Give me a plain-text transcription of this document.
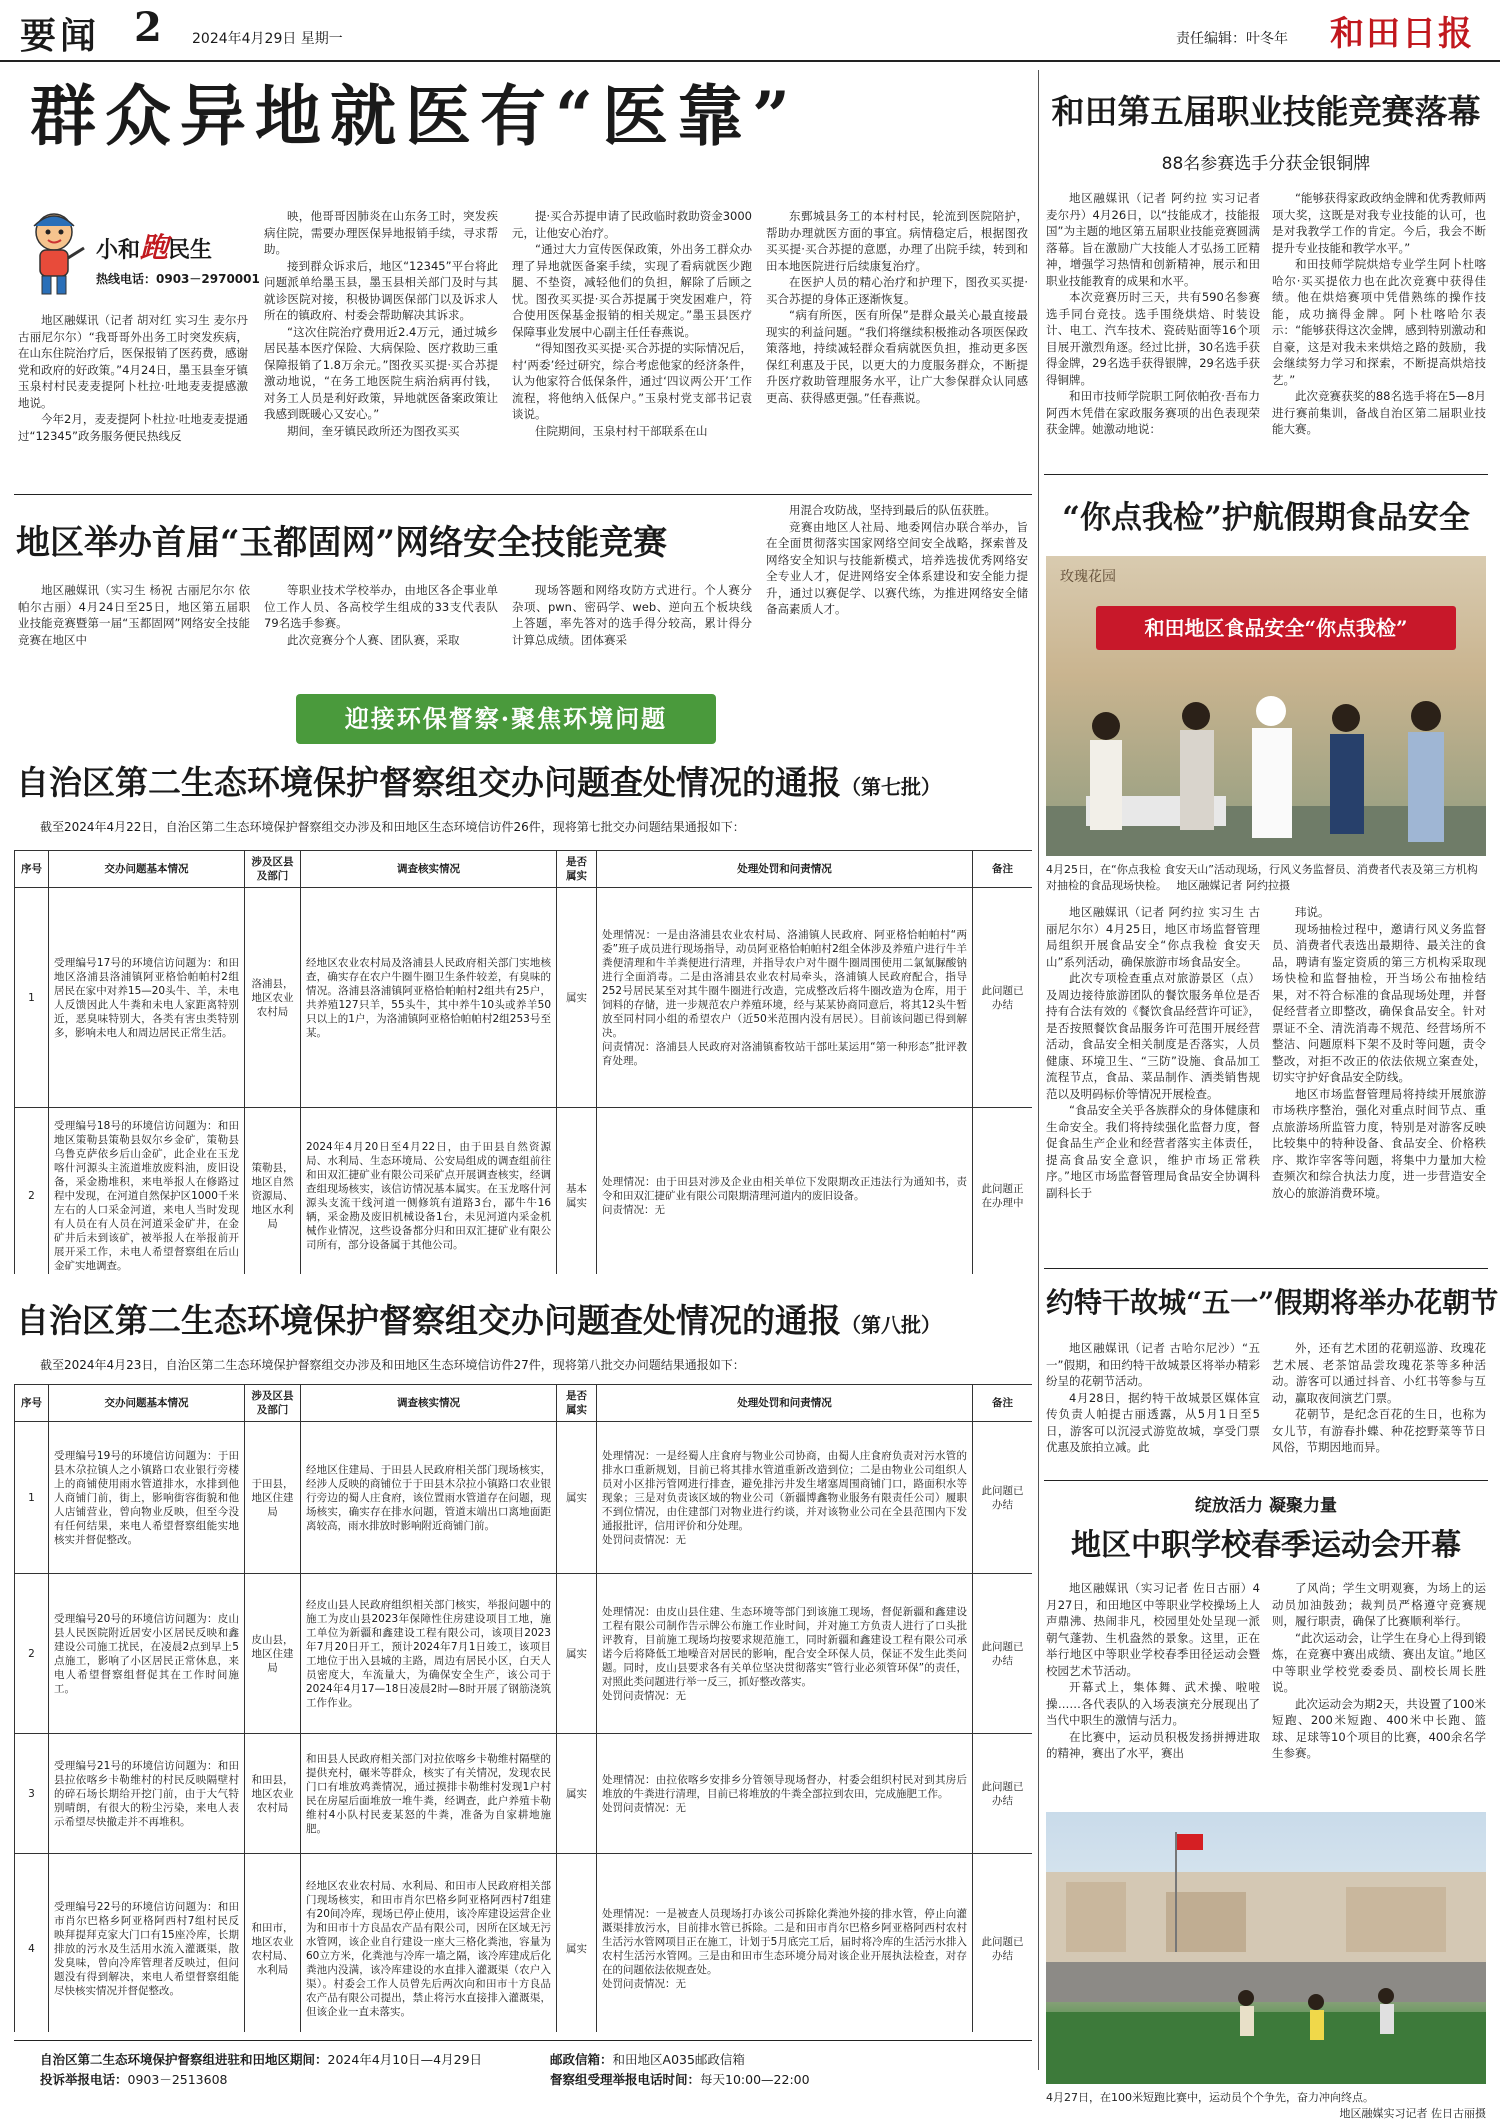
要闻 2 2024年4月29日 星期一	责任编辑：叶冬年 和田日报
群众异地就医有“医靠”
小和跑民生
热线电话：0903－2970001

地区融媒讯（记者 胡对红 实习生 麦尔丹 古丽尼尔尔）“我哥哥外出务工时突发疾病，在山东住院治疗后，医保报销了医药费，感谢党和政府的好政策。”4月24日，墨玉县奎牙镇玉泉村村民麦麦提阿卜杜拉·吐地麦麦提感激地说。

今年2月，麦麦提阿卜杜拉·吐地麦麦提通过“12345”政务服务便民热线反

映，他哥哥因肺炎在山东务工时，突发疾病住院，需要办理医保异地报销手续，寻求帮助。

接到群众诉求后，地区“12345”平台将此问题派单给墨玉县，墨玉县相关部门及时与其就诊医院对接，积极协调医保部门以及诉求人所在的镇政府、村委会帮助解决其诉求。

“这次住院治疗费用近2.4万元，通过城乡居民基本医疗保险、大病保险、医疗救助三重保障报销了1.8万余元。”图孜买买提·买合苏提激动地说，“在务工地医院生病治病再付钱，对务工人员是利好政策，异地就医备案政策让我感到既暖心又安心。”

期间，奎牙镇民政所还为图孜买买

提·买合苏提申请了民政临时救助资金3000元，让他安心治疗。

“通过大力宣传医保政策，外出务工群众办理了异地就医备案手续，实现了看病就医少跑腿、不垫资，减轻他们的负担，解除了后顾之忧。图孜买买提·买合苏提属于突发困难户，符合使用医保基金报销的相关规定。”墨玉县医疗保障事业发展中心副主任任春燕说。

“得知图孜买买提·买合苏提的实际情况后，村‘两委’经过研究，综合考虑他家的经济条件，认为他家符合低保条件，通过‘四议两公开’工作流程，将他纳入低保户。”玉泉村党支部书记袁谈说。

住院期间，玉泉村村干部联系在山

东鄄城县务工的本村村民，轮流到医院陪护，帮助办理就医方面的事宜。病情稳定后，根据图孜买买提·买合苏提的意愿，办理了出院手续，转到和田本地医院进行后续康复治疗。

在医护人员的精心治疗和护理下，图孜买买提·买合苏提的身体正逐渐恢复。

“病有所医，医有所保”是群众最关心最直接最现实的利益问题。“我们将继续积极推动各项医保政策落地，持续减轻群众看病就医负担，推动更多医保红利惠及于民，以更大的力度服务群众，不断提升医疗救助管理服务水平，让广大参保群众认同感更高、获得感更强。”任春燕说。

地区举办首届“玉都固网”网络安全技能竞赛

地区融媒讯（实习生 杨祝 古丽尼尔尔 依帕尔古丽）4月24日至25日，地区第五届职业技能竞赛暨第一届“玉都固网”网络安全技能竞赛在地区中

等职业技术学校举办，由地区各企事业单位工作人员、各高校学生组成的33支代表队79名选手参赛。

此次竞赛分个人赛、团队赛，采取

现场答题和网络攻防方式进行。个人赛分杂项、pwn、密码学、web、逆向五个板块线上答题，率先答对的选手得分较高，累计得分计算总成绩。团体赛采

用混合攻防战，坚持到最后的队伍获胜。

竞赛由地区人社局、地委网信办联合举办，旨在全面贯彻落实国家网络空间安全战略，探索普及网络安全知识与技能新模式，培养选拔优秀网络安全专业人才，促进网络安全体系建设和安全能力提升，通过以赛促学、以赛代练，为推进网络安全储备高素质人才。

迎接环保督察·聚焦环境问题
自治区第二生态环境保护督察组交办问题查处情况的通报（第七批）
截至2024年4月22日，自治区第二生态环境保护督察组交办涉及和田地区生态环境信访件26件，现将第七批交办问题结果通报如下：
序号	交办问题基本情况	涉及区县及部门	调查核实情况	是否属实	处理处罚和问责情况	备注
1	受理编号17号的环境信访问题为：和田地区洛浦县洛浦镇阿亚格恰帕帕村2组居民在家中对养15—20头牛、羊，未电人反馈因此人牛粪和未电人家距离特别近，恶臭味特别大，各类有害虫类特别多，影响未电人和周边居民正常生活。	洛浦县，地区农业农村局	经地区农业农村局及洛浦县人民政府相关部门实地核查，确实存在农户牛圈牛圈卫生条件较差，有臭味的情况。洛浦县洛浦镇阿亚格恰帕帕村2组共有25户，共养殖127只羊，55头牛，其中养牛10头或养羊50只以上的1户，为洛浦镇阿亚格恰帕帕村2组253号至某。	属实	处理情况：一是由洛浦县农业农村局、洛浦镇人民政府、阿亚格恰帕帕村“两委”班子成员进行现场指导，动员阿亚格恰帕帕村2组全体涉及养殖户进行牛羊粪便清理和牛羊粪便进行清理，并指导农户对牛圈牛圈周围使用二氯氰脲酸钠进行全面消毒。二是由洛浦县农业农村局牵头，洛浦镇人民政府配合，指导252号居民某至对其牛圈牛圈进行改造，完成整改后将牛圈改造为仓库，用于饲料的存储，进一步规范农户养殖环境，经与某某协商同意后，将其12头牛暂放至同村同小组的希望农户（近50米范围内没有居民）。目前该问题已得到解决。
问责情况：洛浦县人民政府对洛浦镇畜牧站干部吐某运用“第一种形态”批评教育处理。	此问题已办结
2	受理编号18号的环境信访问题为：和田地区策勒县策勒县奴尔乡金矿，策勒县乌鲁克萨依乡后山金矿，此企业在玉龙喀什河源头主流道堆放废料油，废旧设备，采金勘堆积，来电举报人在修路过程中发现，在河道自然保护区1000千米左右的人口采金河道，来电人当时发现有人员在有人员在河道采金矿井，在金矿井后未到该矿，被举报人在举报前开展开采工作，未电人希望督察组在后山金矿实地调查。	策勒县，地区自然资源局、地区水利局	2024年4月20日至4月22日，由于田县自然资源局、水利局、生态环境局、公安局组成的调查组前往和田双汇捷矿业有限公司采矿点开展调查核实，经调查组现场核实，该信访情况基本属实。在玉龙喀什河源头支流干线河道一侧修筑有道路3台，鄙牛牛16辆，采金勘及废旧机械设备1台，未见河道内采金机械作业情况，这些设备都分归和田双汇捷矿业有限公司所有，部分设备属于其他公司。	基本属实	处理情况：由于田县对涉及企业由相关单位下发限期改正违法行为通知书，责令和田双汇捷矿业有限公司限期清理河道内的废旧设备。
问责情况：无	此问题正在办理中
自治区第二生态环境保护督察组交办问题查处情况的通报（第八批）
截至2024年4月23日，自治区第二生态环境保护督察组交办涉及和田地区生态环境信访件27件，现将第八批交办问题结果通报如下：
序号	交办问题基本情况	涉及区县及部门	调查核实情况	是否属实	处理处罚和问责情况	备注
1	受理编号19号的环境信访问题为：于田县木尕拉镇人之小镇路口农业银行旁楼上的商铺使用雨水管道排水，水排到他人商铺门前，街上，影响街容街貌和他人店铺营业，曾向物业反映，但至今没有任何结果，来电人希望督察组能实地核实并督促整改。	于田县，地区住建局	经地区住建局、于田县人民政府相关部门现场核实，经涉人反映的商铺位于于田县木尕拉小镇路口农业银行旁边的蜀人庄食府，该位置雨水管道存在问题，现场核实，确实存在排水问题，管道末端出口离地面距离较高，雨水排放时影响附近商铺门前。	属实	处理情况：一是经蜀人庄食府与物业公司协商，由蜀人庄食府负责对污水管的排水口重新规划，目前已将其排水管道重新改造到位；二是由物业公司组织人员对小区排污管网进行排查，避免排污井发生堵塞周围商铺门口，路面积水等现象；三是对负责该区域的物业公司（新疆博鑫物业服务有限责任公司）履职不到位情况，由住建部门对物业进行约谈，并对该物业公司在全县范围内下发通报批评，信用评价和分处理。
处罚问责情况：无	此问题已办结
2	受理编号20号的环境信访问题为：皮山县人民医院附近居安小区居民反映和鑫建设公司施工扰民，在凌晨2点到早上5点施工，影响了小区居民正常休息，来电人希望督察组督促其在工作时间施工。	皮山县，地区住建局	经皮山县人民政府组织相关部门核实，举报问题中的施工为皮山县2023年保障性住房建设项目工地，施工单位为新疆和鑫建设工程有限公司，该项目2023年7月20日开工，预计2024年7月1日竣工，该项目工地位于出入县城的主路，周边有居民小区，白天人员密度大，车流量大，为确保安全生产，该公司于2024年4月17—18日凌晨2时—8时开展了钢筋浇筑工作作业。	属实	处理情况：由皮山县住建、生态环境等部门到该施工现场，督促新疆和鑫建设工程有限公司制作告示牌公布施工作业时间，并对施工方负责人进行了口头批评教育，目前施工现场均按要求规范施工，同时新疆和鑫建设工程有限公司承诺今后将降低工地噪音对居民的影响，配合安全环保人员，保证不发生此类问题。同时，皮山县要求各有关单位坚决贯彻落实“管行业必须管环保”的责任，对照此类问题进行举一反三，抓好整改落实。
处罚问责情况：无	此问题已办结
3	受理编号21号的环境信访问题为：和田县拉依喀乡卡勒维村的村民反映隔壁村的碎石场长期给开挖门前，由于大气特别晴朗，有很大的粉尘污染，来电人表示希望尽快撤走并不再堆积。	和田县，地区农业农村局	和田县人民政府相关部门对拉依喀乡卡勒维村隔壁的提供充村，碾米等群众，核实了有关情况，发现农民门口有堆放鸡粪情况，通过摸排卡勒维村发现1户村民在房屋后面堆放一堆牛粪，经调查，此户养殖卡勒维村4小队村民麦某怒的牛粪，准备为自家耕地施肥。	属实	处理情况：由拉依喀乡安排乡分管领导现场督办，村委会组织村民对到其房后堆放的牛粪进行清理，目前已将堆放的牛粪全部拉到农田，完成施肥工作。
处罚问责情况：无	此问题已办结
4	受理编号22号的环境信访问题为：和田市肖尔巴格乡阿亚格阿西村7组村民反映拜提拜克家大门口有15座冷库，长期排放的污水及生活用水流入灌溉渠，散发臭味，曾向冷库管理者反映过，但问题没有得到解决，来电人希望督察组能尽快核实情况并督促整改。	和田市，地区农业农村局、水利局	经地区农业农村局、水利局、和田市人民政府相关部门现场核实，和田市肖尔巴格乡阿亚格阿西村7组建有20间冷库，现场已停止使用，该冷库建设运营企业为和田市十方良品农产品有限公司，因所在区域无污水管网，该企业自行建设一座大三格化粪池，容量为60立方米，化粪池与冷库一墙之隔，该冷库建成后化粪池内没满，该冷库建设的水直排入灌溉渠（农户入渠）。村委会工作人员曾先后两次向和田市十方良品农产品有限公司提出，禁止将污水直接排入灌溉渠，但该企业一直未落实。	属实	处理情况：一是被查人员现场打办该公司拆除化粪池外接的排水管，停止向灌溉渠排放污水，目前排水管已拆除。二是和田市肖尔巴格乡阿亚格阿西村农村生活污水管网项目正在施工，计划于5月底完工后，届时将冷库的生活污水排入农村生活污水管网。三是由和田市生态环境分局对该企业开展执法检查，对存在的问题依法依规查处。
处罚问责情况：无	此问题已办结
自治区第二生态环境保护督察组进驻和田地区期间：2024年4月10日—4月29日
投诉举报电话：0903－2513608
邮政信箱：和田地区A035邮政信箱
督察组受理举报电话时间：每天10:00—22:00
和田第五届职业技能竞赛落幕
88名参赛选手分获金银铜牌

地区融媒讯（记者 阿约拉 实习记者 麦尔丹）4月26日，以“技能成才，技能报国”为主题的地区第五届职业技能竞赛圆满落幕。旨在激励广大技能人才弘扬工匠精神，增强学习热情和创新精神，展示和田职业技能教育的成果和水平。

本次竞赛历时三天，共有590名参赛选手同台竞技。选手围绕烘焙、时装设计、电工、汽车技术、瓷砖贴面等16个项目展开激烈角逐。经过比拼，30名选手获得金牌，29名选手获得银牌，29名选手获得铜牌。

和田市技师学院职工阿依帕孜·吾布力阿西木凭借在家政服务赛项的出色表现荣获金牌。她激动地说：

“能够获得家政政纳金牌和优秀教师两项大奖，这既是对我专业技能的认可，也是对我教学工作的肯定。今后，我会不断提升专业技能和教学水平。”

和田技师学院烘焙专业学生阿卜杜喀哈尔·买买提依力也在此次竞赛中获得佳绩。他在烘焙赛项中凭借熟练的操作技能，成功摘得金牌。阿卜杜喀哈尔表示：“能够获得这次金牌，感到特别激动和自豪，这是对我未来烘焙之路的鼓励，我会继续努力学习和探索，不断提高烘焙技艺。”

此次竞赛获奖的88名选手将在5—8月进行赛前集训，备战自治区第二届职业技能大赛。

“你点我检”护航假期食品安全
玫瑰花园
和田地区食品安全“你点我检”
4月25日，在“你点我检 食安天山”活动现场，行风义务监督员、消费者代表及第三方机构对抽检的食品现场快检。 地区融媒记者 阿约拉摄

地区融媒讯（记者 阿约拉 实习生 古丽尼尔尔）4月25日，地区市场监督管理局组织开展食品安全“你点我检 食安天山”系列活动，确保旅游市场食品安全。

此次专项检查重点对旅游景区（点）及周边接待旅游团队的餐饮服务单位是否持有合法有效的《餐饮食品经营许可证》，是否按照餐饮食品服务许可范围开展经营活动，食品安全相关制度是否落实，人员健康、环境卫生、“三防”设施、食品加工流程节点，食品、菜品制作、洒类销售规范以及明码标价等情况开展检查。

“食品安全关乎各族群众的身体健康和生命安全。我们将持续强化监督力度，督促食品生产企业和经营者落实主体责任，提高食品安全意识，维护市场正常秩序。”地区市场监督管理局食品安全协调科副科长于

玮说。

现场抽检过程中，邀请行风义务监督员、消费者代表选出最期待、最关注的食品，聘请有鉴定资质的第三方机构采取现场快检和监督抽检，开当场公布抽检结果，对不符合标准的食品现场处理，并督促经营者立即整改，确保食品安全。针对票证不全、清洗消毒不规范、经营场所不整洁、问题原料下架不及时等问题，责令整改，对拒不改正的依法依规立案查处，切实守护好食品安全防线。

地区市场监督管理局将持续开展旅游市场秩序整治，强化对重点时间节点、重点旅游场所监管力度，特别是对游客反映比较集中的特种设备、食品安全、价格秩序、欺诈宰客等问题，将集中力量加大检查频次和综合执法力度，进一步营造安全放心的旅游消费环境。

约特干故城“五一”假期将举办花朝节

地区融媒讯（记者 古哈尔尼沙）“五一”假期，和田约特干故城景区将举办精彩纷呈的花朝节活动。

4月28日，据约特干故城景区媒体宣传负责人帕提古丽透露，从5月1日至5日，游客可以沉浸式游览故城，享受门票优惠及旅拍立减。此

外，还有艺术团的花朝巡游、玫瑰花艺术展、老茶馆品尝玫瑰花茶等多种活动。游客可以通过抖音、小红书等参与互动，赢取夜间演艺门票。

花朝节，是纪念百花的生日，也称为女儿节，有游春扑蝶、种花挖野菜等节日风俗，节期因地而异。

绽放活力 凝聚力量
地区中职学校春季运动会开幕

地区融媒讯（实习记者 佐日古丽）4月27日，和田地区中等职业学校操场上人声鼎沸、热闹非凡，校园里处处呈现一派朝气蓬勃、生机盎然的景象。这里，正在举行地区中等职业学校春季田径运动会暨校园艺术节活动。

开幕式上，集体舞、武术操、啦啦操……各代表队的入场表演充分展现出了当代中职生的激情与活力。

在比赛中，运动员积极发扬拼搏进取的精神，赛出了水平，赛出

了风尚；学生文明观赛，为场上的运动员加油鼓劲；裁判员严格遵守竞赛规则，履行职责，确保了比赛顺利举行。

“此次运动会，让学生在身心上得到锻炼，在竞赛中赛出成绩、赛出友谊。”地区中等职业学校党委委员、副校长周长胜说。

此次运动会为期2天，共设置了100米短跑、200米短跑、400米中长跑、篮球、足球等10个项目的比赛，400余名学生参赛。

4月27日，在100米短跑比赛中，运动员个个争先，奋力冲向终点。
地区融媒实习记者 佐日古丽摄
